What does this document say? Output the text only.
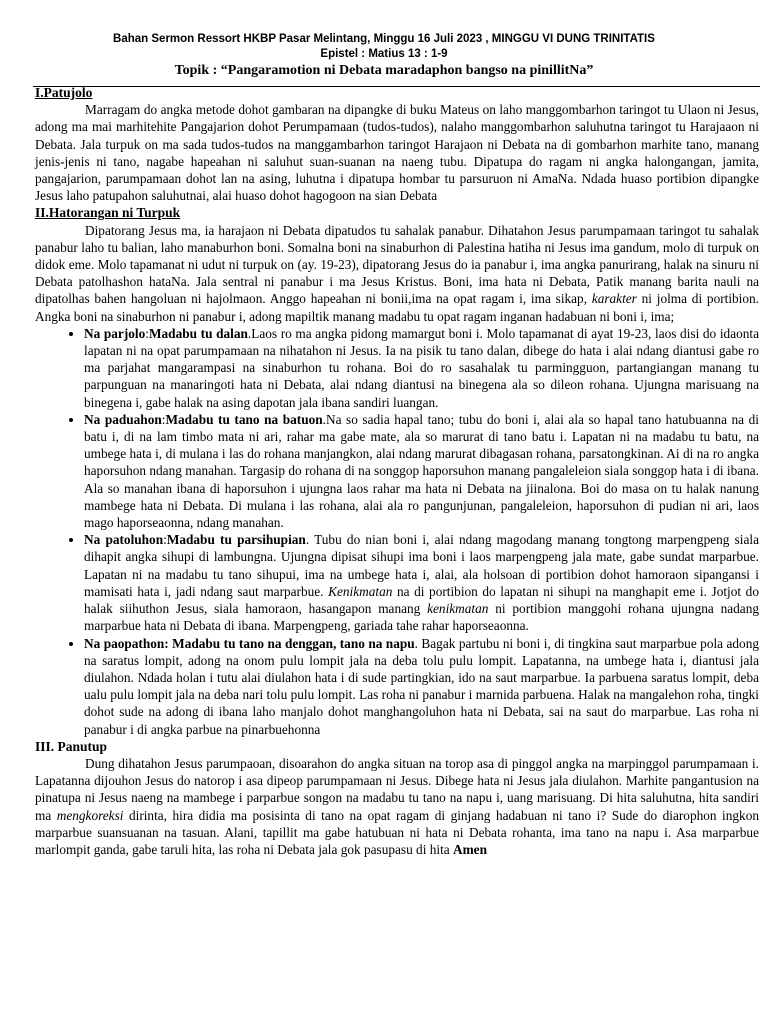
Bahan Sermon Ressort HKBP Pasar Melintang, Minggu 16 Juli 2023 , MINGGU VI DUNG TRINITATIS
Epistel : Matius 13 : 1-9
Topik : “Pangaramotion ni Debata maradaphon bangso na pinillitNa”
I.Patujolo

Marragam do angka metode dohot gambaran na dipangke di buku Mateus on laho manggombarhon taringot tu Ulaon ni Jesus, adong ma mai marhitehite Pangajarion dohot Perumpamaan (tudos-tudos), nalaho manggombarhon saluhutna taringot tu Harajaaon ni Debata. Jala turpuk on ma sada tudos-tudos na manggambarhon taringot Harajaon ni Debata na di gombarhon marhite tano, manang jenis-jenis ni tano, nagabe hapeahan ni saluhut suan-suanan na naeng tubu. Dipatupa do ragam ni angka halongangan, jamita, pangajarion, parumpamaan dohot lan na asing, luhutna i dipatupa hombar tu parsuruon ni AmaNa. Ndada huaso portibion dipangke Jesus laho patupahon saluhutnai, alai huaso dohot hagogoon na sian Debata

II.Hatorangan ni Turpuk

Dipatorang Jesus ma, ia harajaon ni Debata dipatudos tu sahalak panabur. Dihatahon Jesus parumpamaan taringot tu sahalak panabur laho tu balian, laho manaburhon boni. Somalna boni na sinaburhon di Palestina hatiha ni Jesus ima gandum, molo di turpuk on didok eme. Molo tapamanat ni udut ni turpuk on (ay. 19-23), dipatorang Jesus do ia panabur i, ima angka panurirang, halak na sinuru ni Debata patolhashon hataNa. Jala sentral ni panabur i ma Jesus Kristus. Boni, ima hata ni Debata, Patik manang barita nauli na dipatolhas bahen hangoluan ni hajolmaon. Anggo hapeahan ni bonii,ima na opat ragam i, ima sikap, karakter ni jolma di portibion. Angka boni na sinaburhon ni panabur i, adong mapiltik manang madabu tu opat ragam inganan hadabuan ni boni i, ima;

• Na parjolo:Madabu tu dalan.Laos ro ma angka pidong mamargut boni i. Molo tapamanat di ayat 19-23, laos disi do idaonta lapatan ni na opat parumpamaan na nihatahon ni Jesus. Ia na pisik tu tano dalan, dibege do hata i alai ndang diantusi gabe ro ma parjahat mangarampasi na sinaburhon tu rohana. Boi do ro sasahalak tu parmingguon, partangiangan manang tu parpunguan na manaringoti hata ni Debata, alai ndang diantusi na binegena ala so dileon rohana. Ujungna marisuang na binegena i, gabe halak na asing dapotan jala ibana sandiri luangan.
• Na paduahon:Madabu tu tano na batuon.Na so sadia hapal tano; tubu do boni i, alai ala so hapal tano hatubuanna na di batu i, di na lam timbo mata ni ari, rahar ma gabe mate, ala so marurat di tano batu i. Lapatan ni na madabu tu batu, na umbege hata i, di mulana i las do rohana manjangkon, alai ndang marurat dibagasan rohana, parsatongkinan. Ai di na ro angka haporsuhon ndang manahan. Targasip do rohana di na songgop haporsuhon manang pangaleleion siala songgop hata i di ibana. Ala so manahan ibana di haporsuhon i ujungna laos rahar ma hata ni Debata na jiinalona. Boi do masa on tu halak nanung mambege hata ni Debata. Di mulana i las rohana, alai ala ro pangunjunan, pangaleleion, haporsuhon di pudian ni ari, laos mago haporseaonna, ndang manahan.
• Na patoluhon:Madabu tu parsihupian. Tubu do nian boni i, alai ndang magodang manang tongtong marpengpeng siala dihapit angka sihupi di lambungna. Ujungna dipisat sihupi ima boni i laos marpengpeng jala mate, gabe sundat marparbue. Lapatan ni na madabu tu tano sihupui, ima na umbege hata i, alai, ala holsoan di portibion dohot hamoraon sipangansi i mamisati hata i, jadi ndang saut marparbue. Kenikmatan na di portibion do lapatan ni sihupi na manghapit eme i. Jotjot do halak siihuthon Jesus, siala hamoraon, hasangapon manang kenikmatan ni portibion manggohi rohana ujungna nadang marparbue hata ni Debata di ibana. Marpengpeng, gariada tahe rahar haporseaonna.
• Na paopathon: Madabu tu tano na denggan, tano na napu. Bagak partubu ni boni i, di tingkina saut marparbue pola adong na saratus lompit, adong na onom pulu lompit jala na deba tolu pulu lompit. Lapatanna, na umbege hata i, diantusi jala diulahon. Ndada holan i tutu alai diulahon hata i di sude partingkian, ido na saut marparbue. Ia parbuena saratus lompit, deba ualu pulu lompit jala na deba nari tolu pulu lompit. Las roha ni panabur i marnida parbuena. Halak na mangalehon roha, tingki dohot sude na adong di ibana laho manjalo dohot manghangoluhon hata ni Debata, sai na saut do marparbue. Las roha ni panabur i di angka parbue na pinarbuehonna
III. Panutup

Dung dihatahon Jesus parumpaoan, disoarahon do angka situan na torop asa di pinggol angka na marpinggol parumpamaan i. Lapatanna dijouhon Jesus do natorop i asa dipeop parumpamaan ni Jesus. Dibege hata ni Jesus jala diulahon. Marhite pangantusion na pinatupa ni Jesus naeng na mambege i parparbue songon na madabu tu tano na napu i, uang marisuang. Di hita saluhutna, hita sandiri ma mengkoreksi dirinta, hira didia ma posisinta di tano na opat ragam di ginjang hadabuan ni tano i? Sude do diarophon ingkon marparbue suansuanan na tasuan. Alani, tapillit ma gabe hatubuan ni hata ni Debata rohanta, ima tano na napu i. Asa marparbue marlompit ganda, gabe taruli hita, las roha ni Debata jala gok pasupasu di hita Amen
